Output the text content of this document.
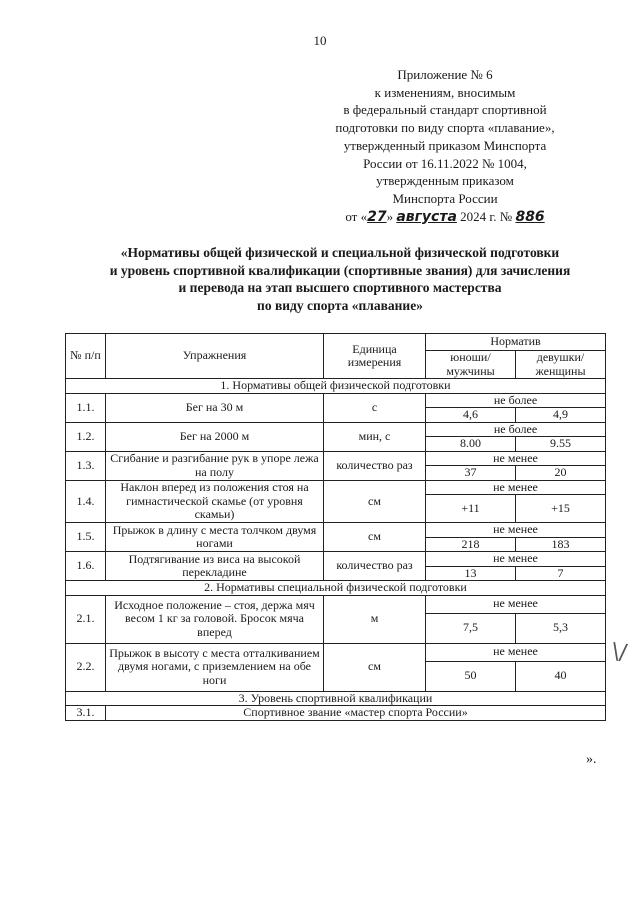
10
Приложение № 6
к изменениям, вносимым
в федеральный стандарт спортивной
подготовки по виду спорта «плавание»,
утвержденный приказом Минспорта
России от 16.11.2022 № 1004,
утвержденным приказом
Минспорта России
от «27» августа 2024 г. № 886
«Нормативы общей физической и специальной физической подготовки
и уровень спортивной квалификации (спортивные звания) для зачисления
и перевода на этап высшего спортивного мастерства
по виду спорта «плавание»
№ п/п	Упражнения	Единица измерения	Норматив	
			юноши/ мужчины	девушки/ женщины
1. Нормативы общей физической подготовки				
1.1.	Бег на 30 м	с	не более	
			4,6	4,9
1.2.	Бег на 2000 м	мин, с	не более	
			8.00	9.55
1.3.	Сгибание и разгибание рук в упоре лежа на полу	количество раз	не менее	
			37	20
1.4.	Наклон вперед из положения стоя на гимнастической скамье (от уровня скамьи)	см	не менее	
			+11	+15
1.5.	Прыжок в длину с места толчком двумя ногами	см	не менее	
			218	183
1.6.	Подтягивание из виса на высокой перекладине	количество раз	не менее	
			13	7
2. Нормативы специальной физической подготовки				
2.1.	Исходное положение – стоя, держа мяч весом 1 кг за головой. Бросок мяча вперед	м	не менее	
			7,5	5,3
2.2.	Прыжок в высоту с места отталкиванием двумя ногами, с приземлением на обе ноги	см	не менее	
			50	40
3. Уровень спортивной квалификации				
3.1.	Спортивное звание «мастер спорта России»			
».
\/
